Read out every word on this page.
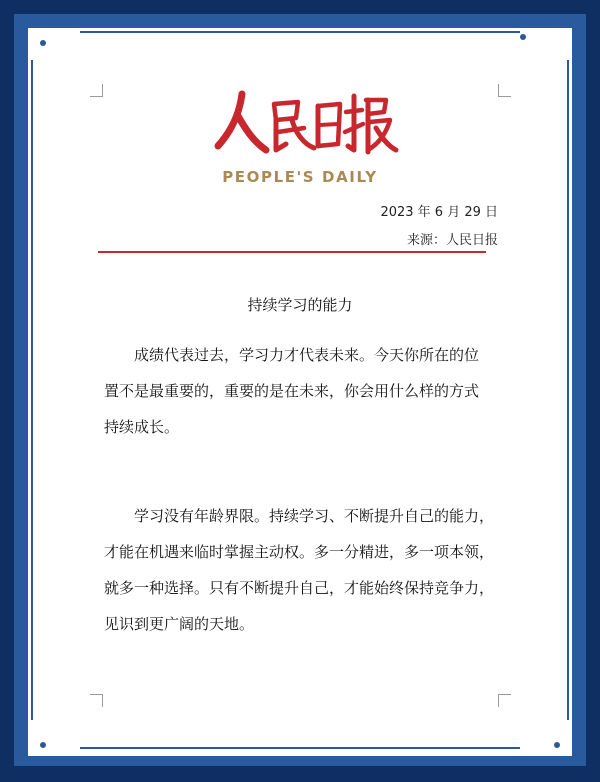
PEOPLE'S DAILY
2023 年 6 月 29 日
来源：人民日报
持续学习的能力
成绩代表过去，学习力才代表未来。今天你所在的位
置不是最重要的，重要的是在未来，你会用什么样的方式
持续成长。
学习没有年龄界限。持续学习、不断提升自己的能力，
才能在机遇来临时掌握主动权。多一分精进，多一项本领，
就多一种选择。只有不断提升自己，才能始终保持竞争力，
见识到更广阔的天地。
